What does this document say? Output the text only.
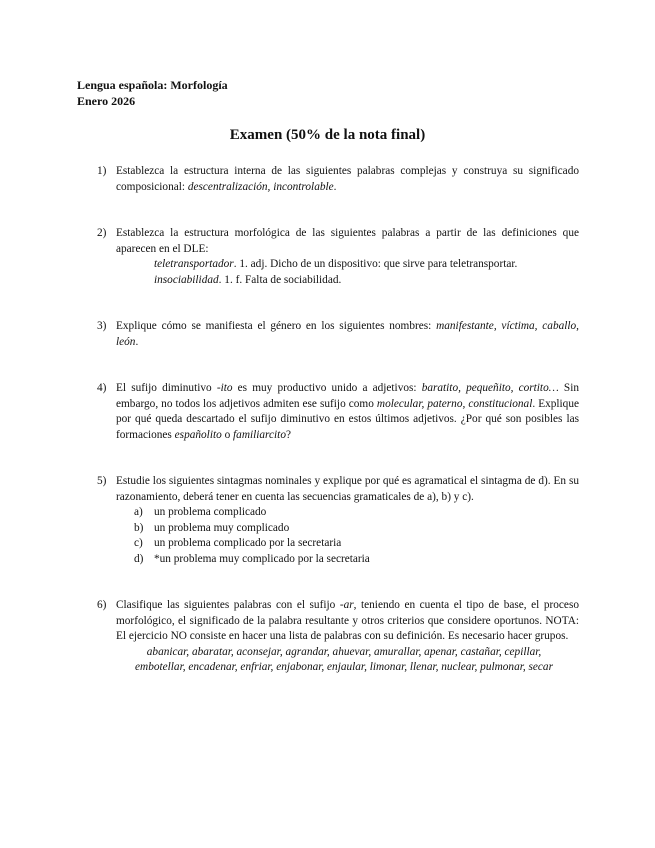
Lengua española: Morfología
Enero 2026
Examen (50% de la nota final)
1) Establezca la estructura interna de las siguientes palabras complejas y construya su significado composicional: descentralización, incontrolable.
2) Establezca la estructura morfológica de las siguientes palabras a partir de las definiciones que aparecen en el DLE:
teletransportador. 1. adj. Dicho de un dispositivo: que sirve para teletransportar.
insociabilidad. 1. f. Falta de sociabilidad.
3) Explique cómo se manifiesta el género en los siguientes nombres: manifestante, víctima, caballo, león.
4) El sufijo diminutivo -ito es muy productivo unido a adjetivos: baratito, pequeñito, cortito… Sin embargo, no todos los adjetivos admiten ese sufijo como molecular, paterno, constitucional. Explique por qué queda descartado el sufijo diminutivo en estos últimos adjetivos. ¿Por qué son posibles las formaciones españolito o familiarcito?
5) Estudie los siguientes sintagmas nominales y explique por qué es agramatical el sintagma de d). En su razonamiento, deberá tener en cuenta las secuencias gramaticales de a), b) y c).
a) un problema complicado
b) un problema muy complicado
c) un problema complicado por la secretaria
d) *un problema muy complicado por la secretaria
6) Clasifique las siguientes palabras con el sufijo -ar, teniendo en cuenta el tipo de base, el proceso morfológico, el significado de la palabra resultante y otros criterios que considere oportunos. NOTA: El ejercicio NO consiste en hacer una lista de palabras con su definición. Es necesario hacer grupos.
abanicar, abaratar, aconsejar, agrandar, ahuevar, amurallar, apenar, castañar, cepillar,
embotellar, encadenar, enfriar, enjabonar, enjaular, limonar, llenar, nuclear, pulmonar, secar
